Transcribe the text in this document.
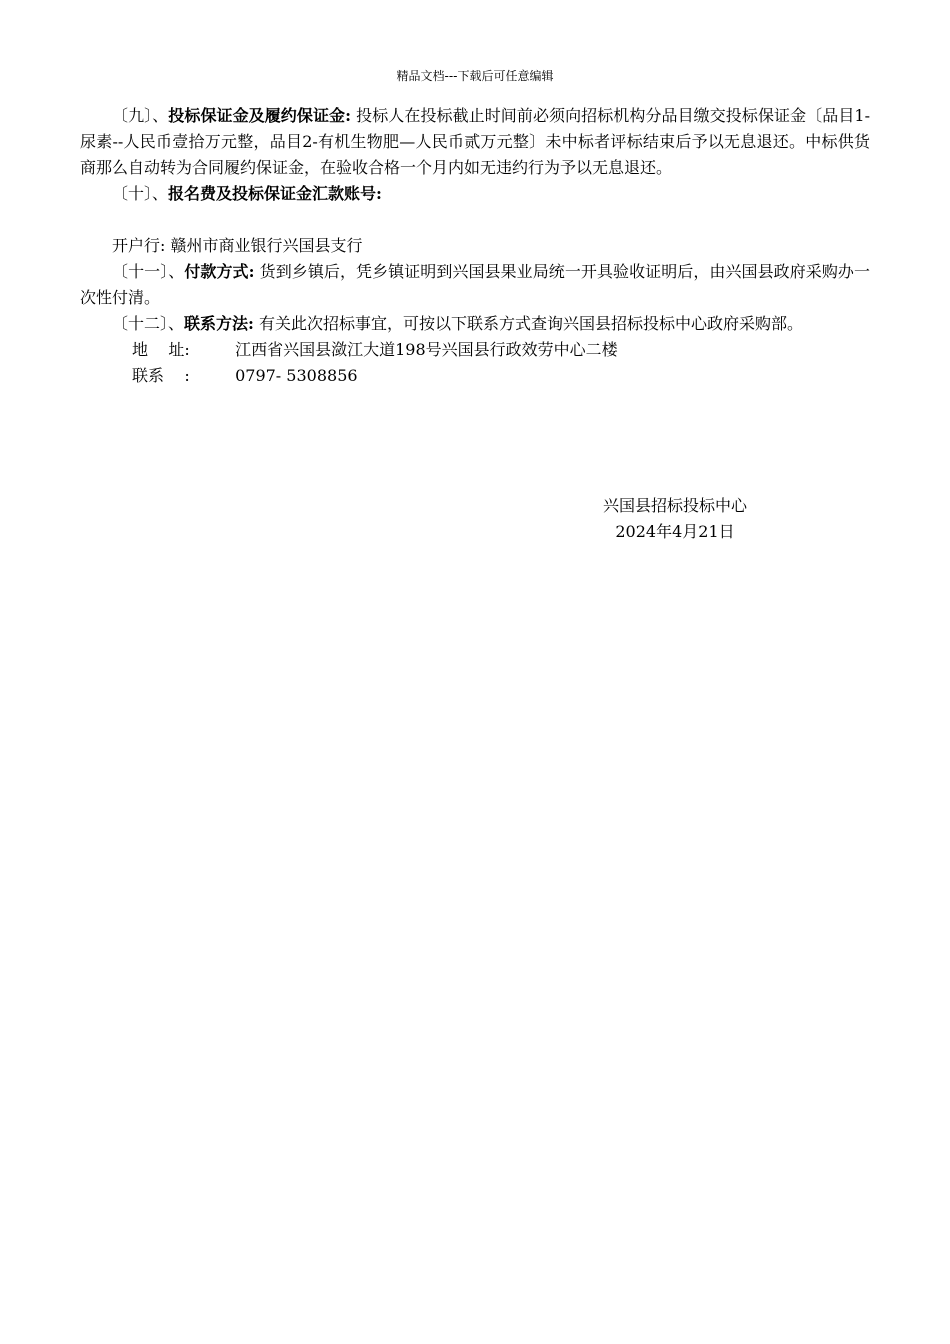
精品文档---下载后可任意编辑

〔九〕、投标保证金及履约保证金: 投标人在投标截止时间前必须向招标机构分品目缴交投标保证金〔品目1-尿素--人民币壹拾万元整，品目2-有机生物肥—人民币贰万元整〕未中标者评标结束后予以无息退还。中标供货商那么自动转为合同履约保证金，在验收合格一个月内如无违约行为予以无息退还。

〔十〕、报名费及投标保证金汇款账号:

开户行: 赣州市商业银行兴国县支行

〔十一〕、付款方式: 货到乡镇后，凭乡镇证明到兴国县果业局统一开具验收证明后，由兴国县政府采购办一次性付清。

〔十二〕、联系方法: 有关此次招标事宜，可按以下联系方式查询兴国县招标投标中心政府采购部。

地    址:	江西省兴国县潋江大道198号兴国县行政效劳中心二楼
联系    :	0797- 5308856
兴国县招标投标中心
2024年4月21日
